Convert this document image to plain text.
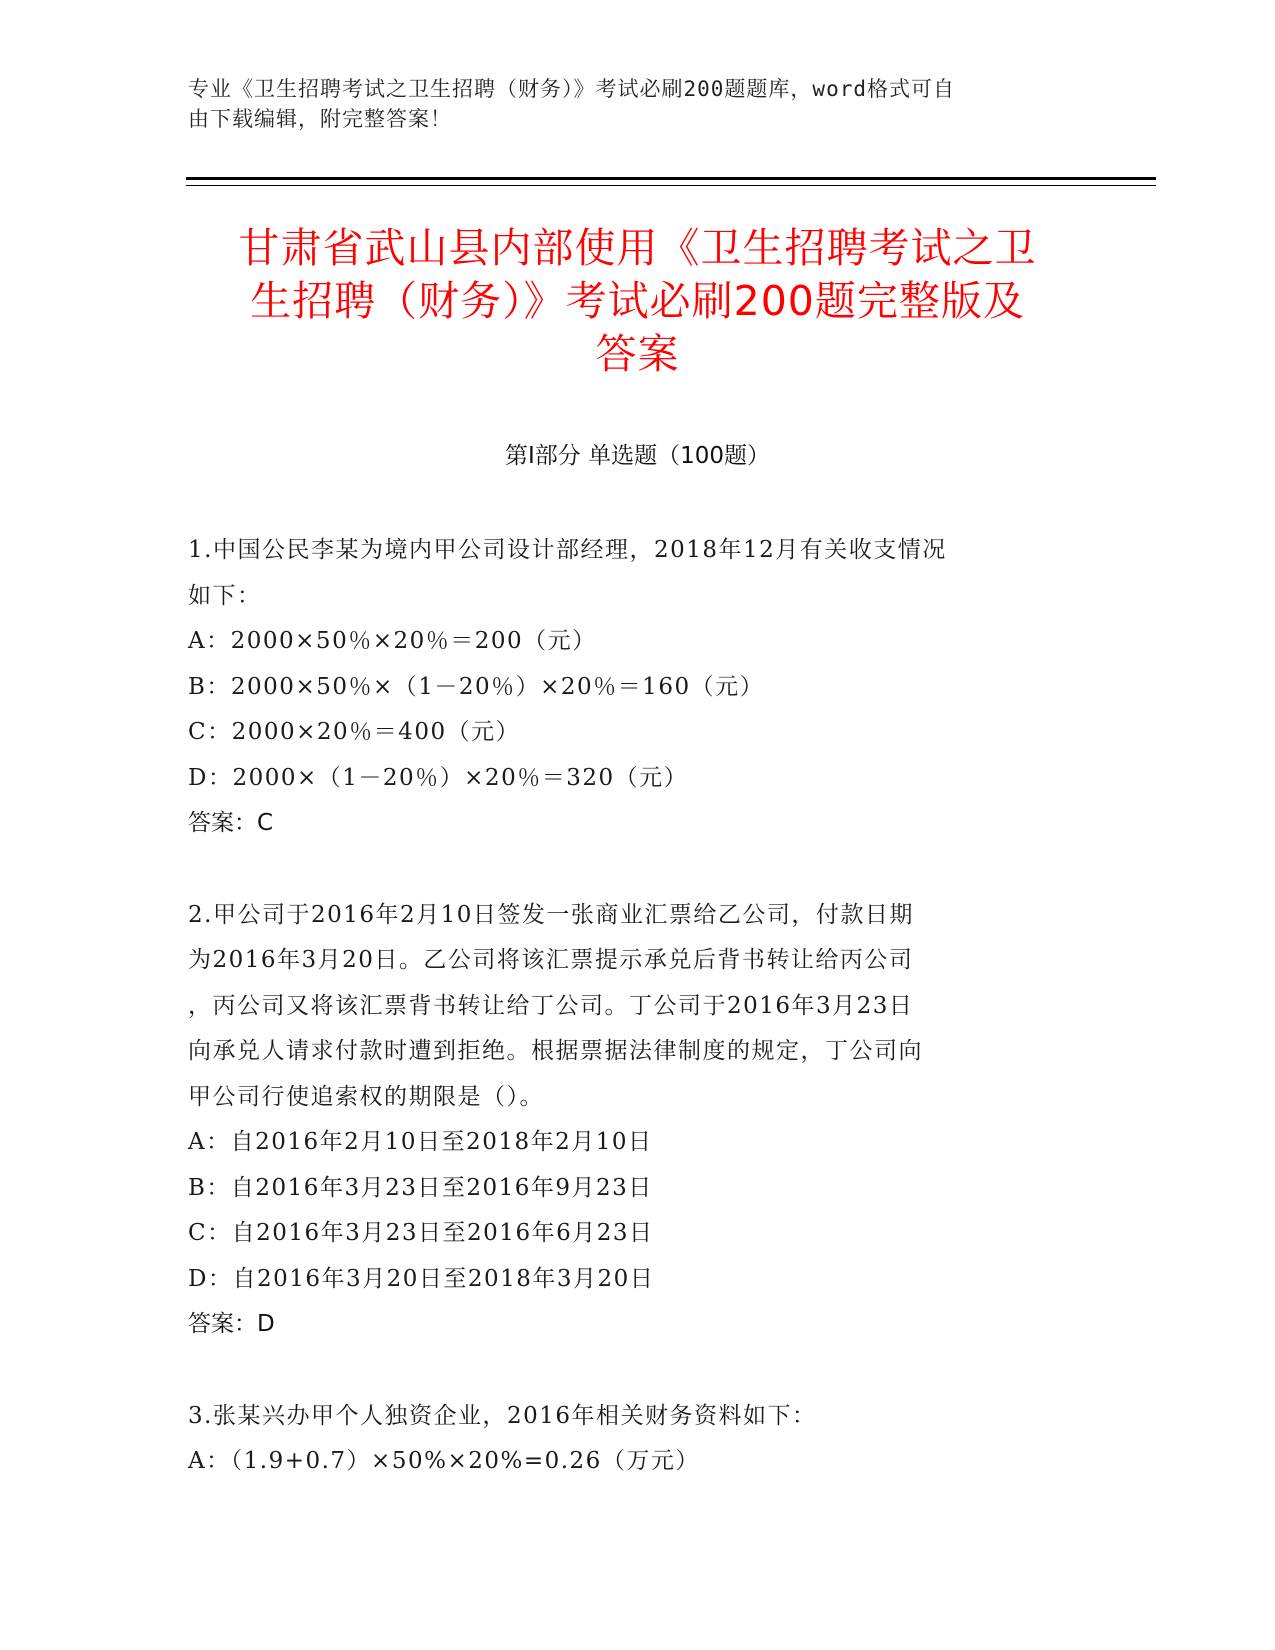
专业《卫生招聘考试之卫生招聘（财务）》考试必刷200题题库，word格式可自
由下载编辑，附完整答案！
甘肃省武山县内部使用《卫生招聘考试之卫
生招聘（财务）》考试必刷200题完整版及
答案
第I部分 单选题（100题）
1.中国公民李某为境内甲公司设计部经理，2018年12月有关收支情况
如下：
A：2000×50％×20％＝200（元）
B：2000×50％×（1－20％）×20％＝160（元）
C：2000×20％＝400（元）
D：2000×（1－20％）×20％＝320（元）
答案：C
2.甲公司于2016年2月10日签发一张商业汇票给乙公司，付款日期
为2016年3月20日。乙公司将该汇票提示承兑后背书转让给丙公司
，丙公司又将该汇票背书转让给丁公司。丁公司于2016年3月23日
向承兑人请求付款时遭到拒绝。根据票据法律制度的规定，丁公司向
甲公司行使追索权的期限是（）。
A：自2016年2月10日至2018年2月10日
B：自2016年3月23日至2016年9月23日
C：自2016年3月23日至2016年6月23日
D：自2016年3月20日至2018年3月20日
答案：D
3.张某兴办甲个人独资企业，2016年相关财务资料如下：
A：（1.9+0.7）×50%×20%=0.26（万元）
